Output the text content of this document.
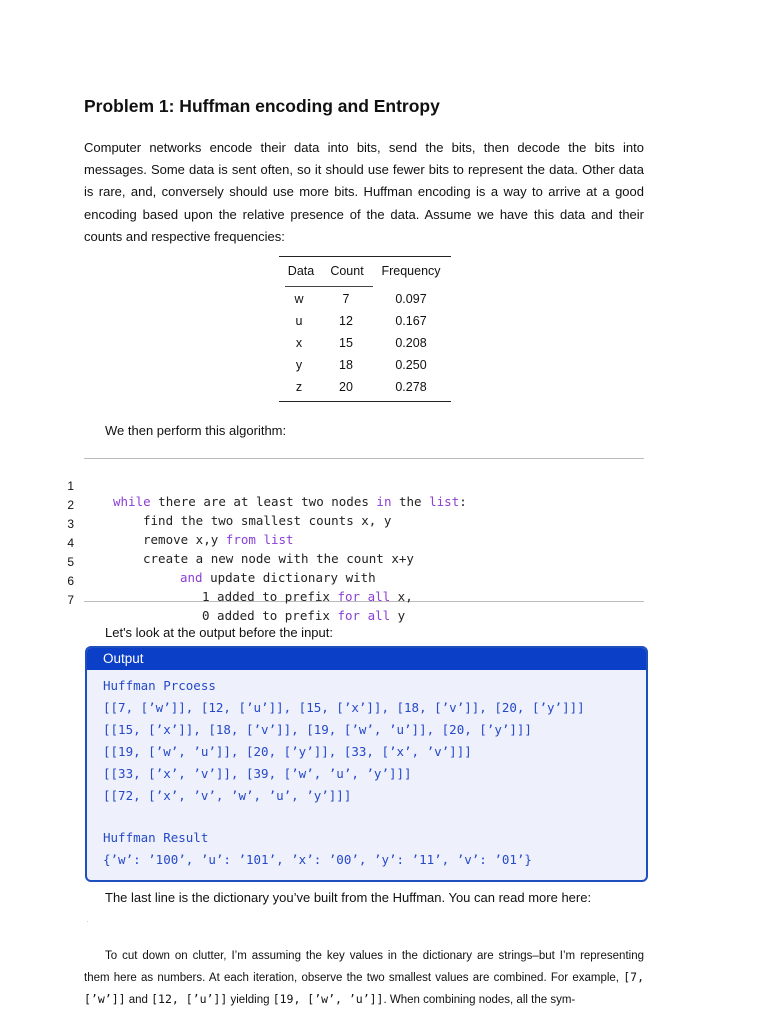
Problem 1: Huffman encoding and Entropy
Computer networks encode their data into bits, send the bits, then decode the bits into messages. Some data is sent often, so it should use fewer bits to represent the data. Other data is rare, and, conversely should use more bits. Huffman encoding is a way to arrive at a good encoding based upon the relative presence of the data. Assume we have this data and their counts and respective frequencies:
Data	Count	Frequency
w	7	0.097
u	12	0.167
x	15	0.208
y	18	0.250
z	20	0.278
We then perform this algorithm:

1

while there are at least two nodes in the list:

2

find the two smallest counts x, y

3

remove x,y from list

4

create a new node with the count x+y

5

and update dictionary with

6

1 added to prefix for all x,

7

0 added to prefix for all y

Let's look at the output before the input:
Output
Huffman Prcoess
[[7, [’w’]], [12, [’u’]], [15, [’x’]], [18, [’v’]], [20, [’y’]]]
[[15, [’x’]], [18, [’v’]], [19, [’w’, ’u’]], [20, [’y’]]]
[[19, [’w’, ’u’]], [20, [’y’]], [33, [’x’, ’v’]]]
[[33, [’x’, ’v’]], [39, [’w’, ’u’, ’y’]]]
[[72, [’x’, ’v’, ’w’, ’u’, ’y’]]]
Huffman Result
{’w’: ’100’, ’u’: ’101’, ’x’: ’00’, ’y’: ’11’, ’v’: ’01’}
The last line is the dictionary you’ve built from the Huffman. You can read more here:
·
To cut down on clutter, I’m assuming the key values in the dictionary are strings–but I’m representing them here as numbers. At each iteration, observe the two smallest values are combined. For example, [7, [’w’]] and [12, [’u’]] yielding [19, [’w’, ’u’]]. When combining nodes, all the sym-
